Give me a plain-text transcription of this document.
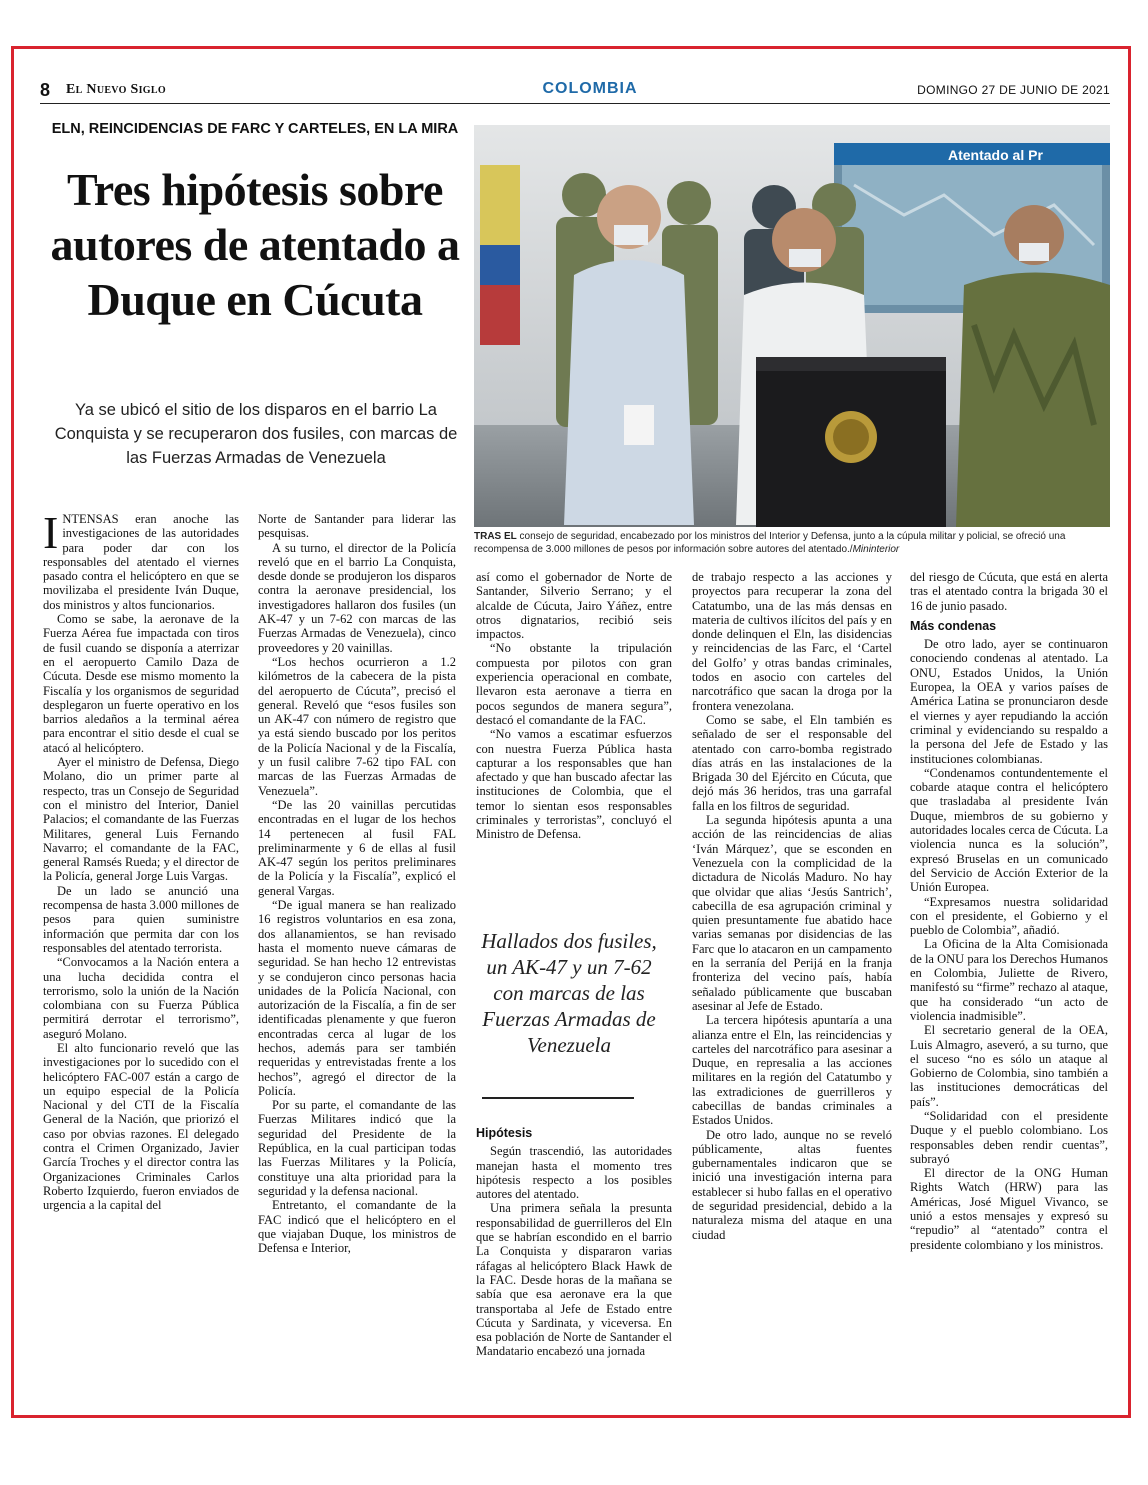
8 El Nuevo Siglo	COLOMBIA	DOMINGO 27 DE JUNIO DE 2021
ELN, REINCIDENCIAS DE FARC Y CARTELES, EN LA MIRA
Tres hipótesis sobre autores de atentado a Duque en Cúcuta
Ya se ubicó el sitio de los disparos en el barrio La Conquista y se recuperaron dos fusiles, con marcas de las Fuerzas Armadas de Venezuela
Atentado al Pr
TRAS EL consejo de seguridad, encabezado por los ministros del Interior y Defensa, junto a la cúpula militar y policial, se ofreció una recompensa de 3.000 millones de pesos por información sobre autores del atentado./Mininterior

INTENSAS eran anoche las investigaciones de las autoridades para poder dar con los responsables del atentado el viernes pasado contra el helicóptero en que se movilizaba el presidente Iván Duque, dos ministros y altos funcionarios.

Como se sabe, la aeronave de la Fuerza Aérea fue impactada con tiros de fusil cuando se disponía a aterrizar en el aeropuerto Camilo Daza de Cúcuta. Desde ese mismo momento la Fiscalía y los organismos de seguridad desplegaron un fuerte operativo en los barrios aledaños a la terminal aérea para encontrar el sitio desde el cual se atacó al helicóptero.

Ayer el ministro de Defensa, Diego Molano, dio un primer parte al respecto, tras un Consejo de Seguridad con el ministro del Interior, Daniel Palacios; el comandante de las Fuerzas Militares, general Luis Fernando Navarro; el comandante de la FAC, general Ramsés Rueda; y el director de la Policía, general Jorge Luis Vargas.

De un lado se anunció una recompensa de hasta 3.000 millones de pesos para quien suministre información que permita dar con los responsables del atentado terrorista.

“Convocamos a la Nación entera a una lucha decidida contra el terrorismo, solo la unión de la Nación colombiana con su Fuerza Pública permitirá derrotar el terrorismo”, aseguró Molano.

El alto funcionario reveló que las investigaciones por lo sucedido con el helicóptero FAC-007 están a cargo de un equipo especial de la Policía Nacional y del CTI de la Fiscalía General de la Nación, que priorizó el caso por obvias razones. El delegado contra el Crimen Organizado, Javier García Troches y el director contra las Organizaciones Criminales Carlos Roberto Izquierdo, fueron enviados de urgencia a la capital del

Norte de Santander para liderar las pesquisas.

A su turno, el director de la Policía reveló que en el barrio La Conquista, desde donde se produjeron los disparos contra la aeronave presidencial, los investigadores hallaron dos fusiles (un AK-47 y un 7-62 con marcas de las Fuerzas Armadas de Venezuela), cinco proveedores y 20 vainillas.

“Los hechos ocurrieron a 1.2 kilómetros de la cabecera de la pista del aeropuerto de Cúcuta”, precisó el general. Reveló que “esos fusiles son un AK-47 con número de registro que ya está siendo buscado por los peritos de la Policía Nacional y de la Fiscalía, y un fusil calibre 7-62 tipo FAL con marcas de las Fuerzas Armadas de Venezuela”.

“De las 20 vainillas percutidas encontradas en el lugar de los hechos 14 pertenecen al fusil FAL preliminarmente y 6 de ellas al fusil AK-47 según los peritos preliminares de la Policía y la Fiscalía”, explicó el general Vargas.

“De igual manera se han realizado 16 registros voluntarios en esa zona, dos allanamientos, se han revisado hasta el momento nueve cámaras de seguridad. Se han hecho 12 entrevistas y se condujeron cinco personas hacia unidades de la Policía Nacional, con autorización de la Fiscalía, a fin de ser identificadas plenamente y que fueron encontradas cerca al lugar de los hechos, además para ser también requeridas y entrevistadas frente a los hechos”, agregó el director de la Policía.

Por su parte, el comandante de las Fuerzas Militares indicó que la seguridad del Presidente de la República, en la cual participan todas las Fuerzas Militares y la Policía, constituye una alta prioridad para la seguridad y la defensa nacional.

Entretanto, el comandante de la FAC indicó que el helicóptero en el que viajaban Duque, los ministros de Defensa e Interior,

así como el gobernador de Norte de Santander, Silverio Serrano; y el alcalde de Cúcuta, Jairo Yáñez, entre otros dignatarios, recibió seis impactos.

“No obstante la tripulación compuesta por pilotos con gran experiencia operacional en combate, llevaron esta aeronave a tierra en pocos segundos de manera segura”, destacó el comandante de la FAC.

“No vamos a escatimar esfuerzos con nuestra Fuerza Pública hasta capturar a los responsables que han afectado y que han buscado afectar las instituciones de Colombia, que el temor lo sientan esos responsables criminales y terroristas”, concluyó el Ministro de Defensa.

Hallados dos fusiles, un AK-47 y un 7-62 con marcas de las Fuerzas Armadas de Venezuela
Hipótesis

Según trascendió, las autoridades manejan hasta el momento tres hipótesis respecto a los posibles autores del atentado.

Una primera señala la presunta responsabilidad de guerrilleros del Eln que se habrían escondido en el barrio La Conquista y dispararon varias ráfagas al helicóptero Black Hawk de la FAC. Desde horas de la mañana se sabía que esa aeronave era la que transportaba al Jefe de Estado entre Cúcuta y Sardinata, y viceversa. En esa población de Norte de Santander el Mandatario encabezó una jornada

de trabajo respecto a las acciones y proyectos para recuperar la zona del Catatumbo, una de las más densas en materia de cultivos ilícitos del país y en donde delinquen el Eln, las disidencias y reincidencias de las Farc, el ‘Cartel del Golfo’ y otras bandas criminales, todos en asocio con carteles del narcotráfico que sacan la droga por la frontera venezolana.

Como se sabe, el Eln también es señalado de ser el responsable del atentado con carro-bomba registrado días atrás en las instalaciones de la Brigada 30 del Ejército en Cúcuta, que dejó más 36 heridos, tras una garrafal falla en los filtros de seguridad.

La segunda hipótesis apunta a una acción de las reincidencias de alias ‘Iván Márquez’, que se esconden en Venezuela con la complicidad de la dictadura de Nicolás Maduro. No hay que olvidar que alias ‘Jesús Santrich’, cabecilla de esa agrupación criminal y quien presuntamente fue abatido hace varias semanas por disidencias de las Farc que lo atacaron en un campamento en la serranía del Perijá en la franja fronteriza del vecino país, había señalado públicamente que buscaban asesinar al Jefe de Estado.

La tercera hipótesis apuntaría a una alianza entre el Eln, las reincidencias y carteles del narcotráfico para asesinar a Duque, en represalia a las acciones militares en la región del Catatumbo y las extradiciones de guerrilleros y cabecillas de bandas criminales a Estados Unidos.

De otro lado, aunque no se reveló públicamente, altas fuentes gubernamentales indicaron que se inició una investigación interna para establecer si hubo fallas en el operativo de seguridad presidencial, debido a la naturaleza misma del ataque en una ciudad

del riesgo de Cúcuta, que está en alerta tras el atentado contra la brigada 30 el 16 de junio pasado.

Más condenas

De otro lado, ayer se continuaron conociendo condenas al atentado. La ONU, Estados Unidos, la Unión Europea, la OEA y varios países de América Latina se pronunciaron desde el viernes y ayer repudiando la acción criminal y evidenciando su respaldo a la persona del Jefe de Estado y las instituciones colombianas.

“Condenamos contundentemente el cobarde ataque contra el helicóptero que trasladaba al presidente Iván Duque, miembros de su gobierno y autoridades locales cerca de Cúcuta. La violencia nunca es la solución”, expresó Bruselas en un comunicado del Servicio de Acción Exterior de la Unión Europea.

“Expresamos nuestra solidaridad con el presidente, el Gobierno y el pueblo de Colombia”, añadió.

La Oficina de la Alta Comisionada de la ONU para los Derechos Humanos en Colombia, Juliette de Rivero, manifestó su “firme” rechazo al ataque, que ha considerado “un acto de violencia inadmisible”.

El secretario general de la OEA, Luis Almagro, aseveró, a su turno, que el suceso “no es sólo un ataque al Gobierno de Colombia, sino también a las instituciones democráticas del país”.

“Solidaridad con el presidente Duque y el pueblo colombiano. Los responsables deben rendir cuentas”, subrayó

El director de la ONG Human Rights Watch (HRW) para las Américas, José Miguel Vivanco, se unió a estos mensajes y expresó su “repudio” al “atentado” contra el presidente colombiano y los ministros.
